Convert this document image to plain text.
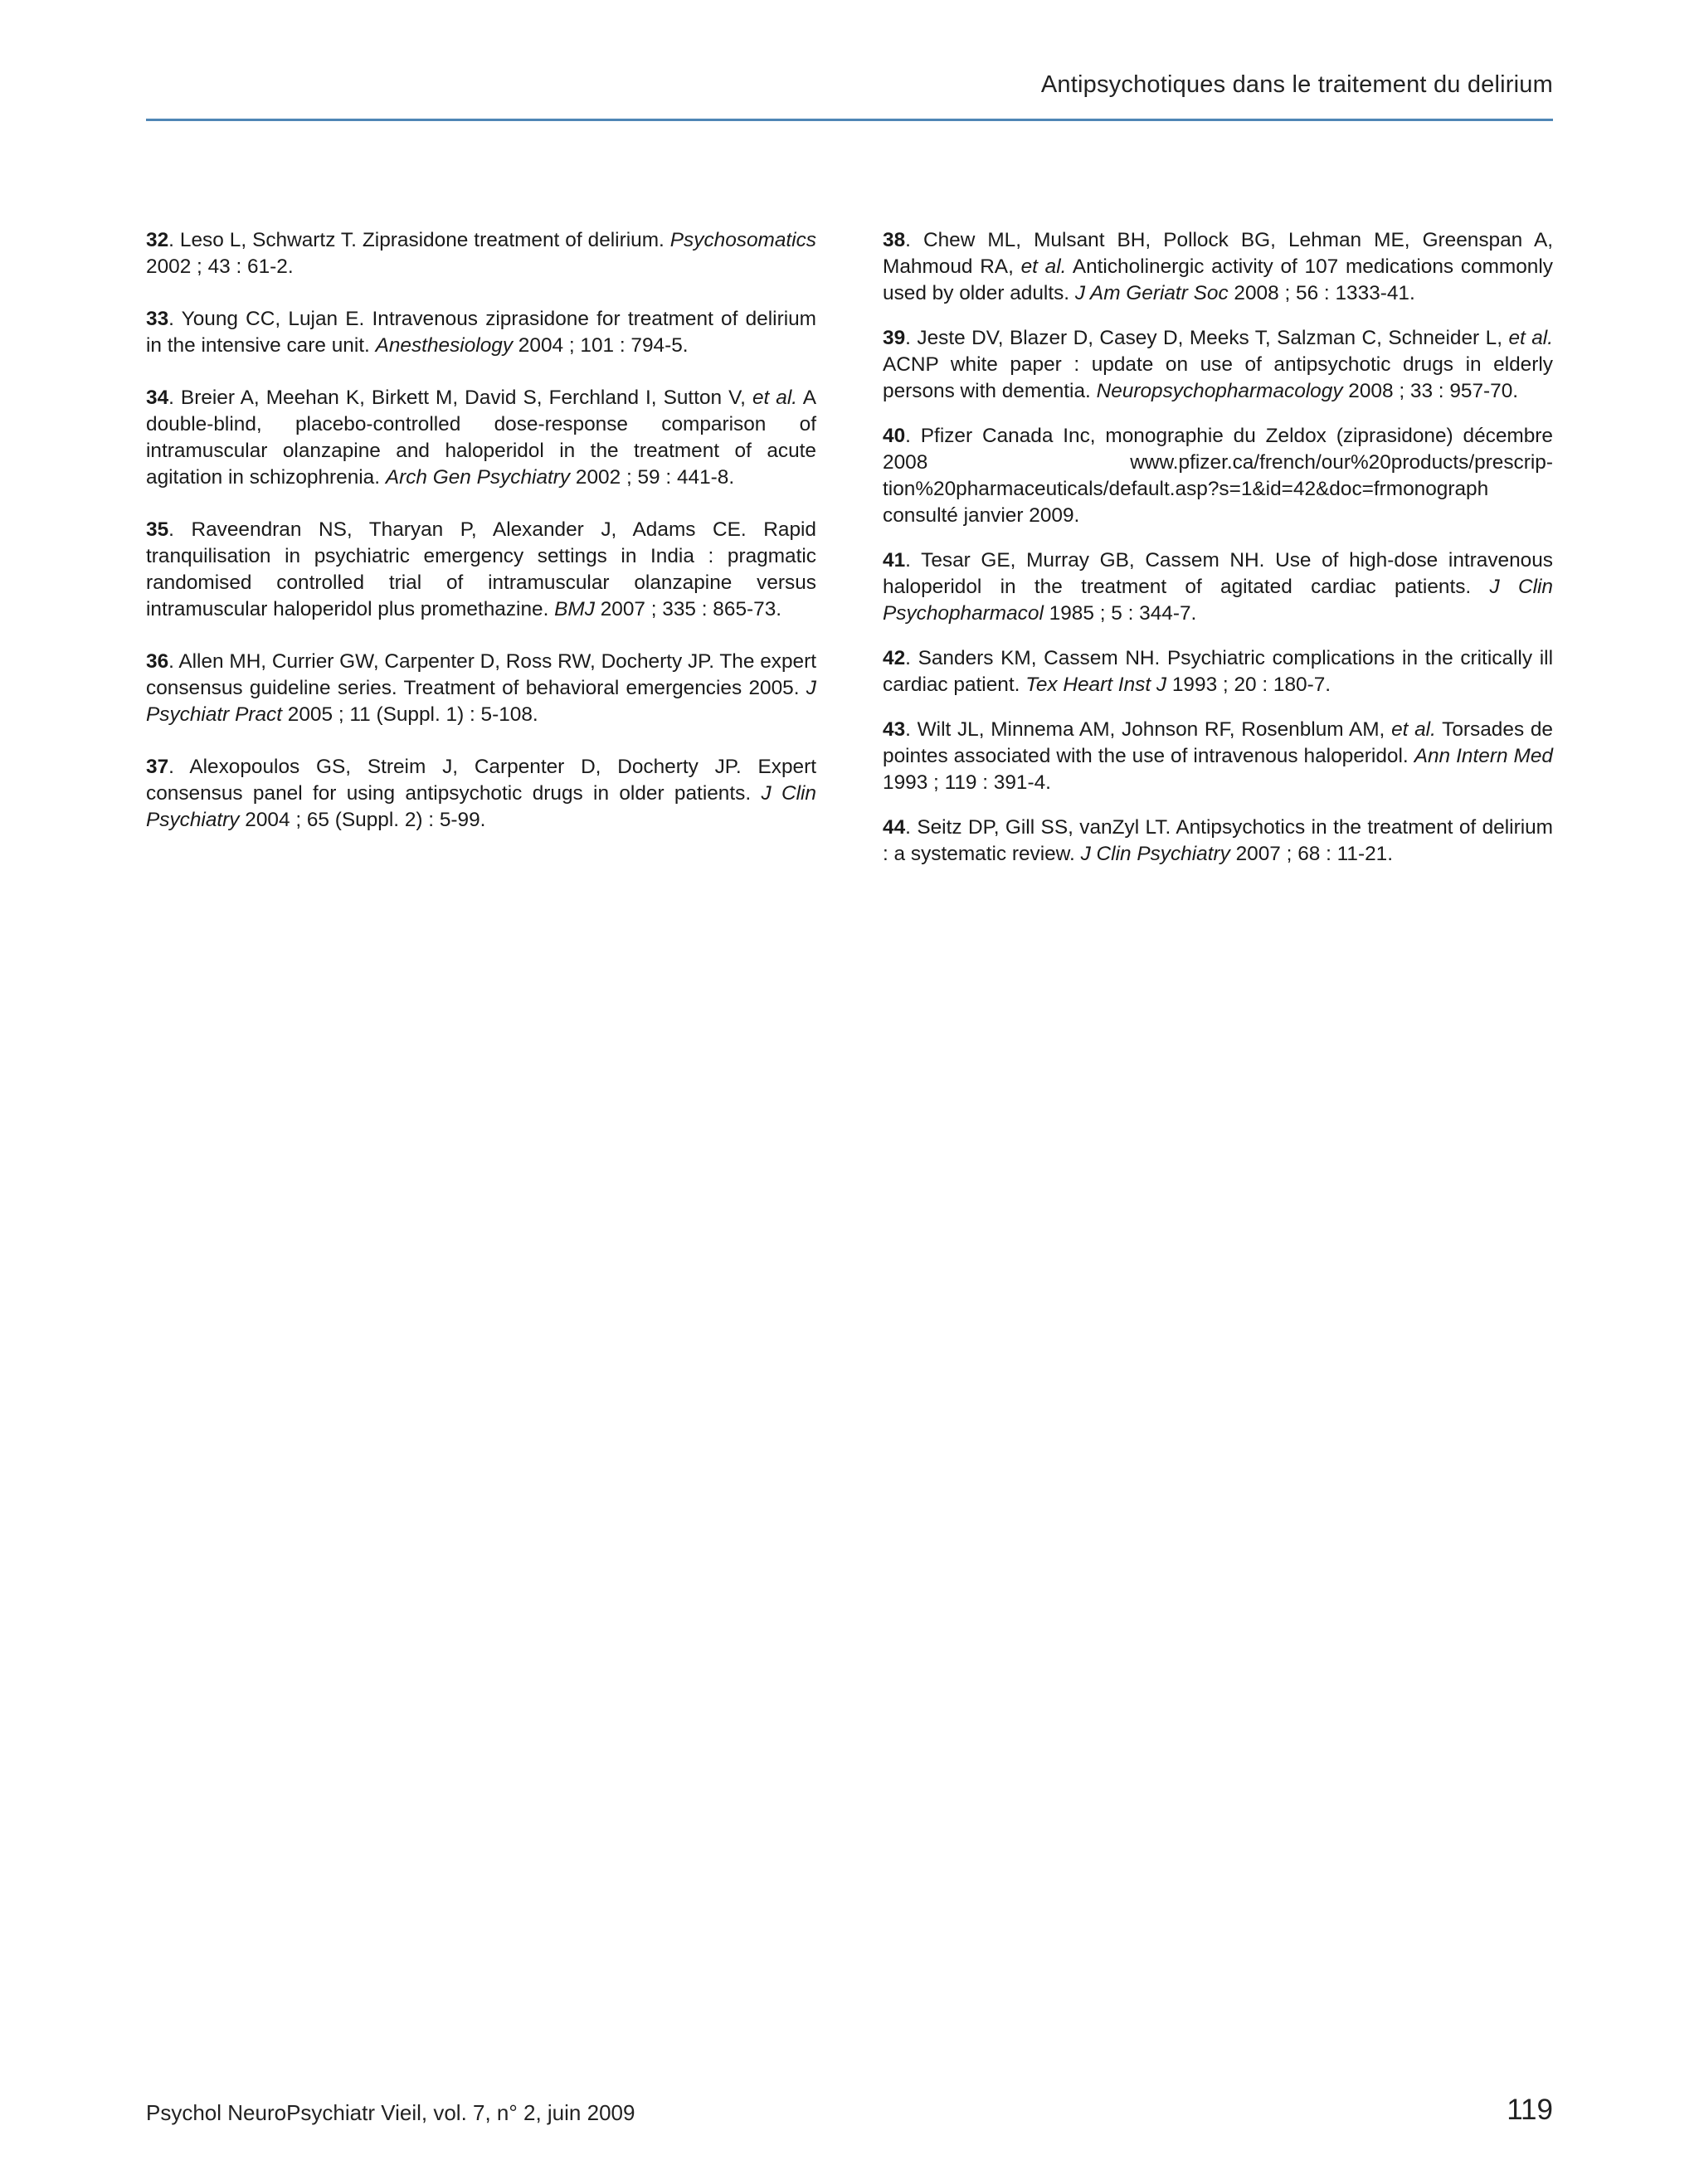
Antipsychotiques dans le traitement du delirium

32. Leso L, Schwartz T. Ziprasidone treatment of delirium. Psychosomatics 2002 ; 43 : 61-2.

33. Young CC, Lujan E. Intravenous ziprasidone for treatment of delirium in the intensive care unit. Anesthesiology 2004 ; 101 : 794-5.

34. Breier A, Meehan K, Birkett M, David S, Ferchland I, Sutton V, et al. A double-blind, placebo-controlled dose-response comparison of intramuscular olanzapine and haloperidol in the treatment of acute agitation in schizophrenia. Arch Gen Psychiatry 2002 ; 59 : 441-8.

35. Raveendran NS, Tharyan P, Alexander J, Adams CE. Rapid tranquilisation in psychiatric emergency settings in India : pragmatic randomised controlled trial of intramuscular olanzapine versus intramuscular haloperidol plus promethazine. BMJ 2007 ; 335 : 865-73.

36. Allen MH, Currier GW, Carpenter D, Ross RW, Docherty JP. The expert consensus guideline series. Treatment of behavioral emergencies 2005. J Psychiatr Pract 2005 ; 11 (Suppl. 1) : 5-108.

37. Alexopoulos GS, Streim J, Carpenter D, Docherty JP. Expert consensus panel for using antipsychotic drugs in older patients. J Clin Psychiatry 2004 ; 65 (Suppl. 2) : 5-99.

38. Chew ML, Mulsant BH, Pollock BG, Lehman ME, Greenspan A, Mahmoud RA, et al. Anticholinergic activity of 107 medications commonly used by older adults. J Am Geriatr Soc 2008 ; 56 : 1333-41.

39. Jeste DV, Blazer D, Casey D, Meeks T, Salzman C, Schneider L, et al. ACNP white paper : update on use of antipsychotic drugs in elderly persons with dementia. Neuropsychopharmacology 2008 ; 33 : 957-70.

40. Pfizer Canada Inc, monographie du Zeldox (ziprasidone) décembre 2008 www.pfizer.ca/french/our%20products/prescription%20pharmaceuticals/default.asp?s=1&id=42&doc=frmonograph consulté janvier 2009.

41. Tesar GE, Murray GB, Cassem NH. Use of high-dose intravenous haloperidol in the treatment of agitated cardiac patients. J Clin Psychopharmacol 1985 ; 5 : 344-7.

42. Sanders KM, Cassem NH. Psychiatric complications in the critically ill cardiac patient. Tex Heart Inst J 1993 ; 20 : 180-7.

43. Wilt JL, Minnema AM, Johnson RF, Rosenblum AM, et al. Torsades de pointes associated with the use of intravenous haloperidol. Ann Intern Med 1993 ; 119 : 391-4.

44. Seitz DP, Gill SS, vanZyl LT. Antipsychotics in the treatment of delirium : a systematic review. J Clin Psychiatry 2007 ; 68 : 11-21.

Psychol NeuroPsychiatr Vieil, vol. 7, n° 2, juin 2009	119
